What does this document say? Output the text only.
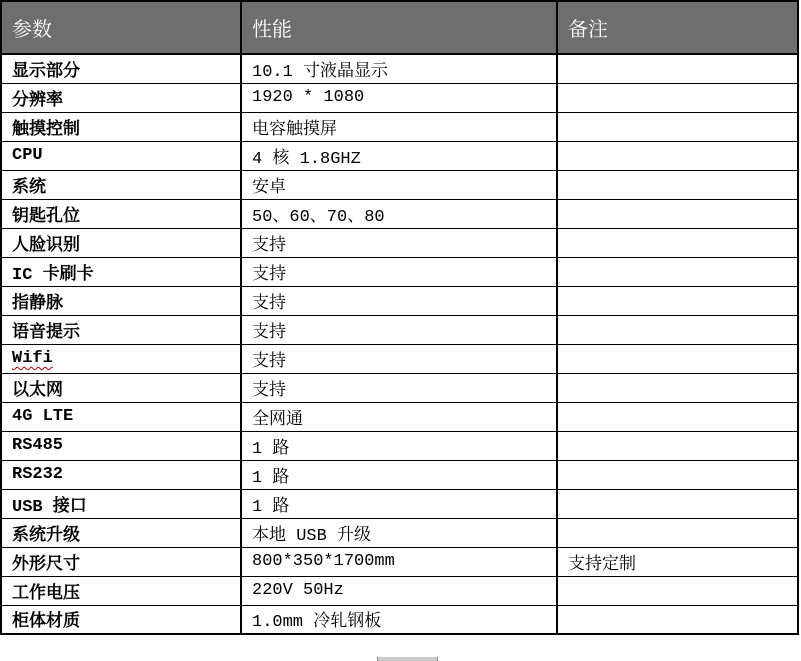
参数	性能	备注
显示部分	10.1 寸液晶显示	
分辨率	1920 * 1080	
触摸控制	电容触摸屏	
CPU	4 核 1.8GHZ	
系统	安卓	
钥匙孔位	50、60、70、80	
人脸识别	支持	
IC 卡刷卡	支持	
指静脉	支持	
语音提示	支持	
Wifi	支持	
以太网	支持	
4G LTE	全网通	
RS485	1 路	
RS232	1 路	
USB 接口	1 路	
系统升级	本地 USB 升级	
外形尺寸	800*350*1700mm	支持定制
工作电压	220V 50Hz	
柜体材质	1.0mm 冷轧钢板	
